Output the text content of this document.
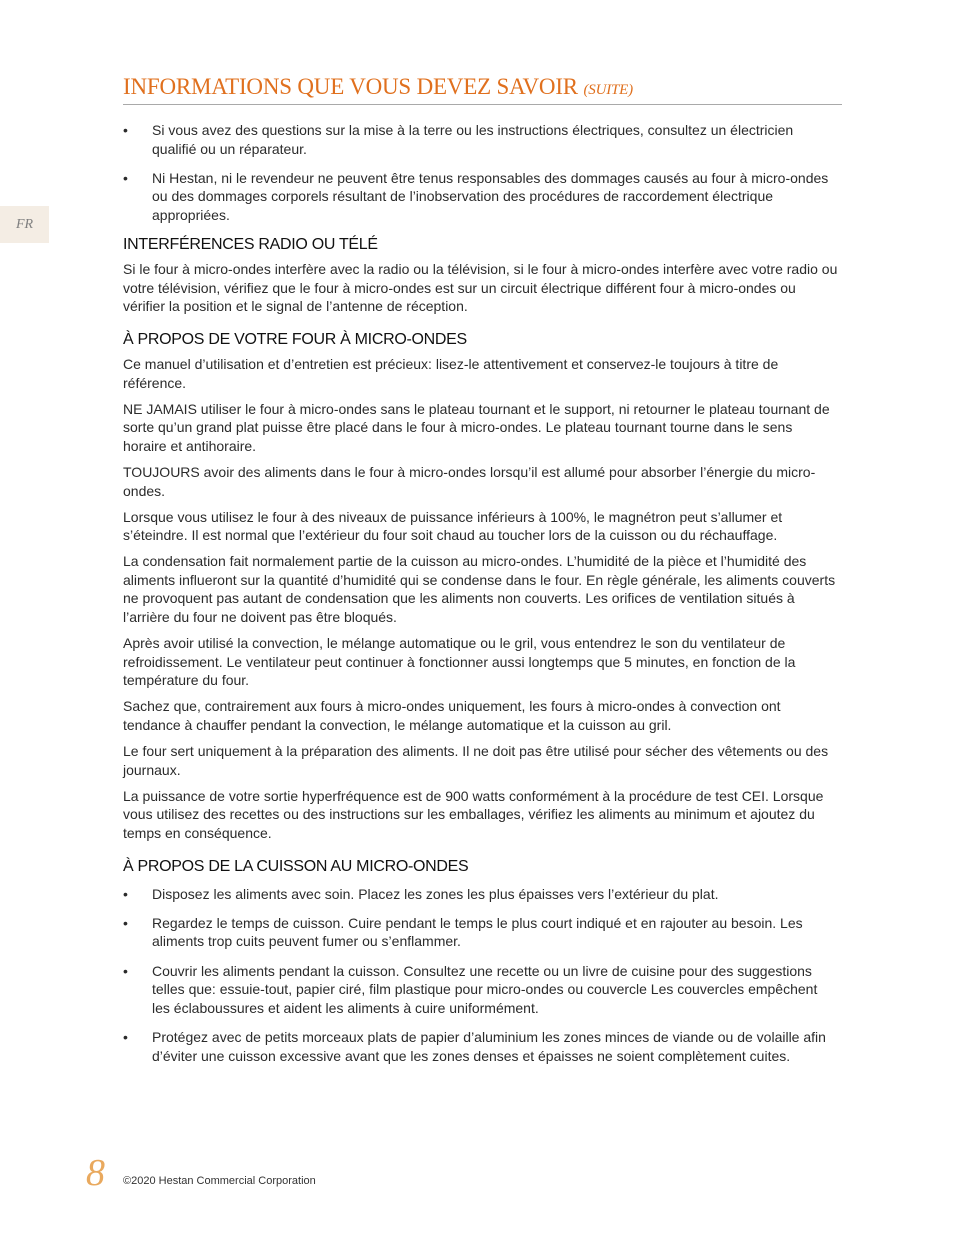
INFORMATIONS QUE VOUS DEVEZ SAVOIR (SUITE)
FR
• Si vous avez des questions sur la mise à la terre ou les instructions électriques, consultez un électricien qualifié ou un réparateur.
• Ni Hestan, ni le revendeur ne peuvent être tenus responsables des dommages causés au four à micro-ondes ou des dommages corporels résultant de l’inobservation des procédures de raccordement électrique appropriées.
INTERFÉRENCES RADIO OU TÉLÉ

Si le four à micro-ondes interfère avec la radio ou la télévision, si le four à micro-ondes interfère avec votre radio ou votre télévision, vérifiez que le four à micro-ondes est sur un circuit électrique différent four à micro-ondes ou vérifier la position et le signal de l’antenne de réception.

À PROPOS DE VOTRE FOUR À MICRO-ONDES

Ce manuel d’utilisation et d’entretien est précieux: lisez-le attentivement et conservez-le toujours à titre de référence.

NE JAMAIS utiliser le four à micro-ondes sans le plateau tournant et le support, ni retourner le plateau tournant de sorte qu’un grand plat puisse être placé dans le four à micro-ondes. Le plateau tournant tourne dans le sens horaire et antihoraire.

TOUJOURS avoir des aliments dans le four à micro-ondes lorsqu’il est allumé pour absorber l’énergie du micro-ondes.

Lorsque vous utilisez le four à des niveaux de puissance inférieurs à 100%, le magnétron peut s’allumer et s’éteindre. Il est normal que l’extérieur du four soit chaud au toucher lors de la cuisson ou du réchauffage.

La condensation fait normalement partie de la cuisson au micro-ondes. L’humidité de la pièce et l’humidité des aliments influeront sur la quantité d’humidité qui se condense dans le four. En règle générale, les aliments couverts ne provoquent pas autant de condensation que les aliments non couverts. Les orifices de ventilation situés à l’arrière du four ne doivent pas être bloqués.

Après avoir utilisé la convection, le mélange automatique ou le gril, vous entendrez le son du ventilateur de refroidissement. Le ventilateur peut continuer à fonctionner aussi longtemps que 5 minutes, en fonction de la température du four.

Sachez que, contrairement aux fours à micro-ondes uniquement, les fours à micro-ondes à convection ont tendance à chauffer pendant la convection, le mélange automatique et la cuisson au gril.

Le four sert uniquement à la préparation des aliments. Il ne doit pas être utilisé pour sécher des vêtements ou des journaux.

La puissance de votre sortie hyperfréquence est de 900 watts conformément à la procédure de test CEI. Lorsque vous utilisez des recettes ou des instructions sur les emballages, vérifiez les aliments au minimum et ajoutez du temps en conséquence.

À PROPOS DE LA CUISSON AU MICRO-ONDES
• Disposez les aliments avec soin. Placez les zones les plus épaisses vers l’extérieur du plat.
• Regardez le temps de cuisson. Cuire pendant le temps le plus court indiqué et en rajouter au besoin. Les aliments trop cuits peuvent fumer ou s’enflammer.
• Couvrir les aliments pendant la cuisson. Consultez une recette ou un livre de cuisine pour des suggestions telles que: essuie-tout, papier ciré, film plastique pour micro-ondes ou couvercle Les couvercles empêchent les éclaboussures et aident les aliments à cuire uniformément.
• Protégez avec de petits morceaux plats de papier d’aluminium les zones minces de viande ou de volaille afin d’éviter une cuisson excessive avant que les zones denses et épaisses ne soient complètement cuites.
8 ©2020 Hestan Commercial Corporation
